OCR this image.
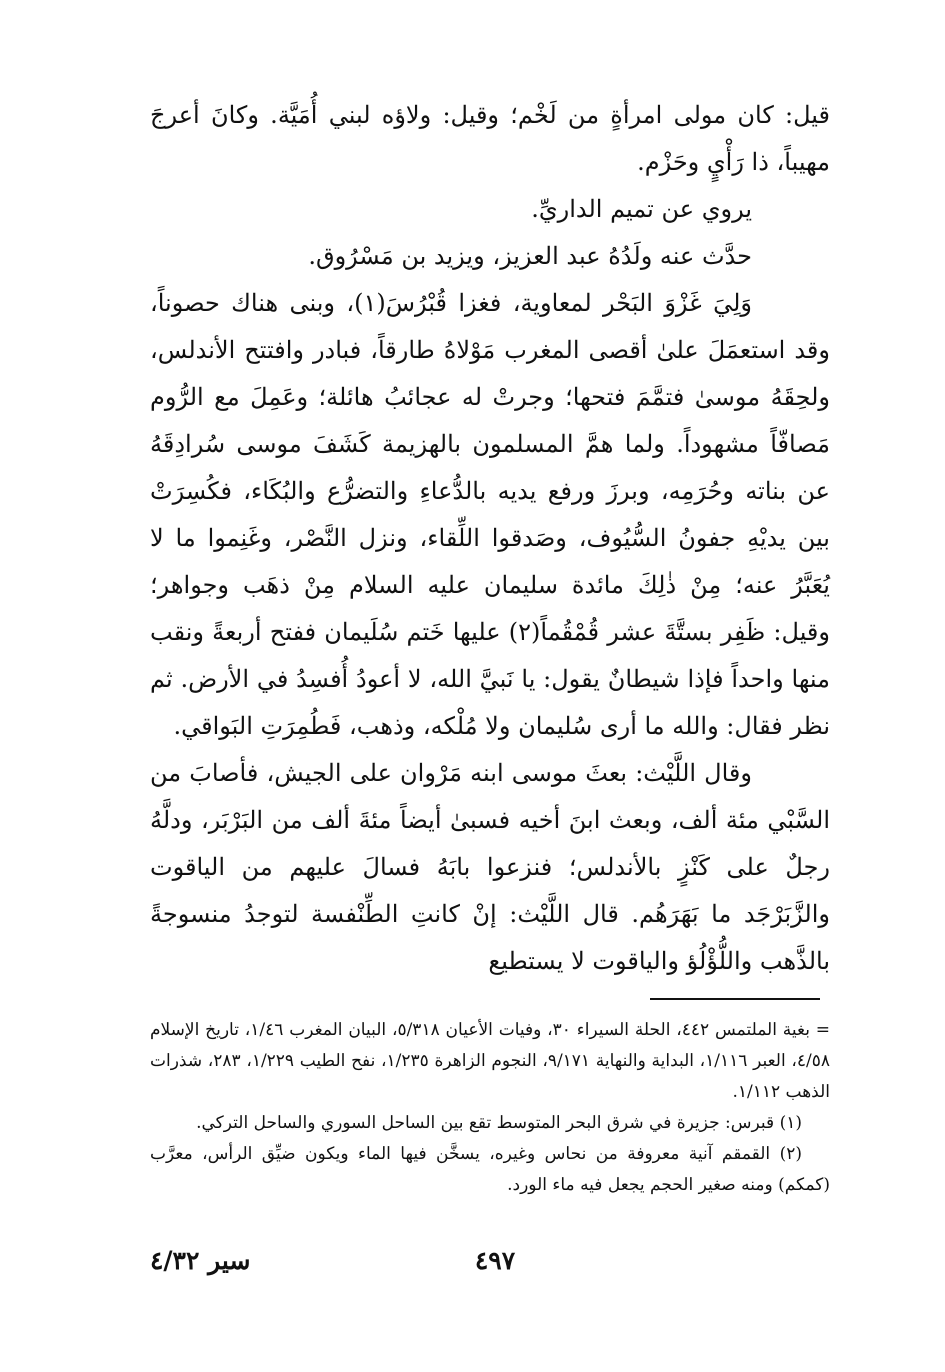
قيل: كان مولى امرأةٍ من لَخْم؛ وقيل: ولاؤه لبني أُمَيَّة. وكانَ أعرجَ مهيباً، ذا رَأْيٍ وحَزْم.

يروي عن تميم الداريِّ.

حدَّث عنه ولَدُهُ عبد العزيز، ويزيد بن مَسْرُوق.

وَلِيَ غَزْوَ البَحْر لمعاوية، فغزا قُبْرُسَ(١)، وبنى هناك حصوناً، وقد استعمَلَ علىٰ أقصى المغرب مَوْلاهُ طارقاً، فبادر وافتتح الأندلس، ولحِقَهُ موسىٰ فتمَّمَ فتحها؛ وجرتْ له عجائبُ هائلة؛ وعَمِلَ مع الرُّوم مَصافّاً مشهوداً. ولما همَّ المسلمون بالهزيمة كَشَفَ موسى سُرادِقَهُ عن بناته وحُرَمِه، وبرزَ ورفع يديه بالدُّعاءِ والتضرُّع والبُكَاء، فكُسِرَتْ بين يديْهِ جفونُ السُّيُوف، وصَدقوا اللِّقاء، ونزل النَّصْر، وغَنِموا ما لا يُعَبَّرُ عنه؛ مِنْ ذٰلِكَ مائدة سليمان عليه السلام مِنْ ذهَب وجواهر؛ وقيل: ظَفِر بستَّةَ عشر قُمْقُماً(٢) عليها خَتم سُلَيمان ففتح أربعةً ونقب منها واحداً فإذا شيطانٌ يقول: يا نَبيَّ الله، لا أعودُ أُفسِدُ في الأرض. ثم نظر فقال: والله ما أرى سُليمان ولا مُلْكه، وذهب، فَطُمِرَتِ البَواقي.

وقال اللَّيْث: بعثَ موسى ابنه مَرْوان على الجيش، فأصابَ من السَّبْي مئة ألف، وبعث ابنَ أخيه فسبىٰ أيضاً مئةَ ألف من البَرْبَر، ودلَّهُ رجلٌ على كَنْزٍ بالأندلس؛ فنزعوا بابَهُ فسالَ عليهم من الياقوت والزَّبَرْجَد ما بَهَرَهُم. قال اللَّيْث: إنْ كانتِ الطِّنْفسة لتوجدُ منسوجةً بالذَّهب واللُّؤْلُؤ والياقوت لا يستطيع

= بغية الملتمس ٤٤٢، الحلة السيراء ٣٠، وفيات الأعيان ٥/٣١٨، البيان المغرب ١/٤٦، تاريخ الإسلام ٤/٥٨، العبر ١/١١٦، البداية والنهاية ٩/١٧١، النجوم الزاهرة ١/٢٣٥، نفح الطيب ١/٢٢٩، ٢٨٣، شذرات الذهب ١/١١٢.

(١) قبرس: جزيرة في شرق البحر المتوسط تقع بين الساحل السوري والساحل التركي.

(٢) القمقم آنية معروفة من نحاس وغيره، يسخَّن فيها الماء ويكون ضيِّق الرأس، معرَّب (كمكم) ومنه صغير الحجم يجعل فيه ماء الورد.

٤٩٧
سير ٤/٣٢
